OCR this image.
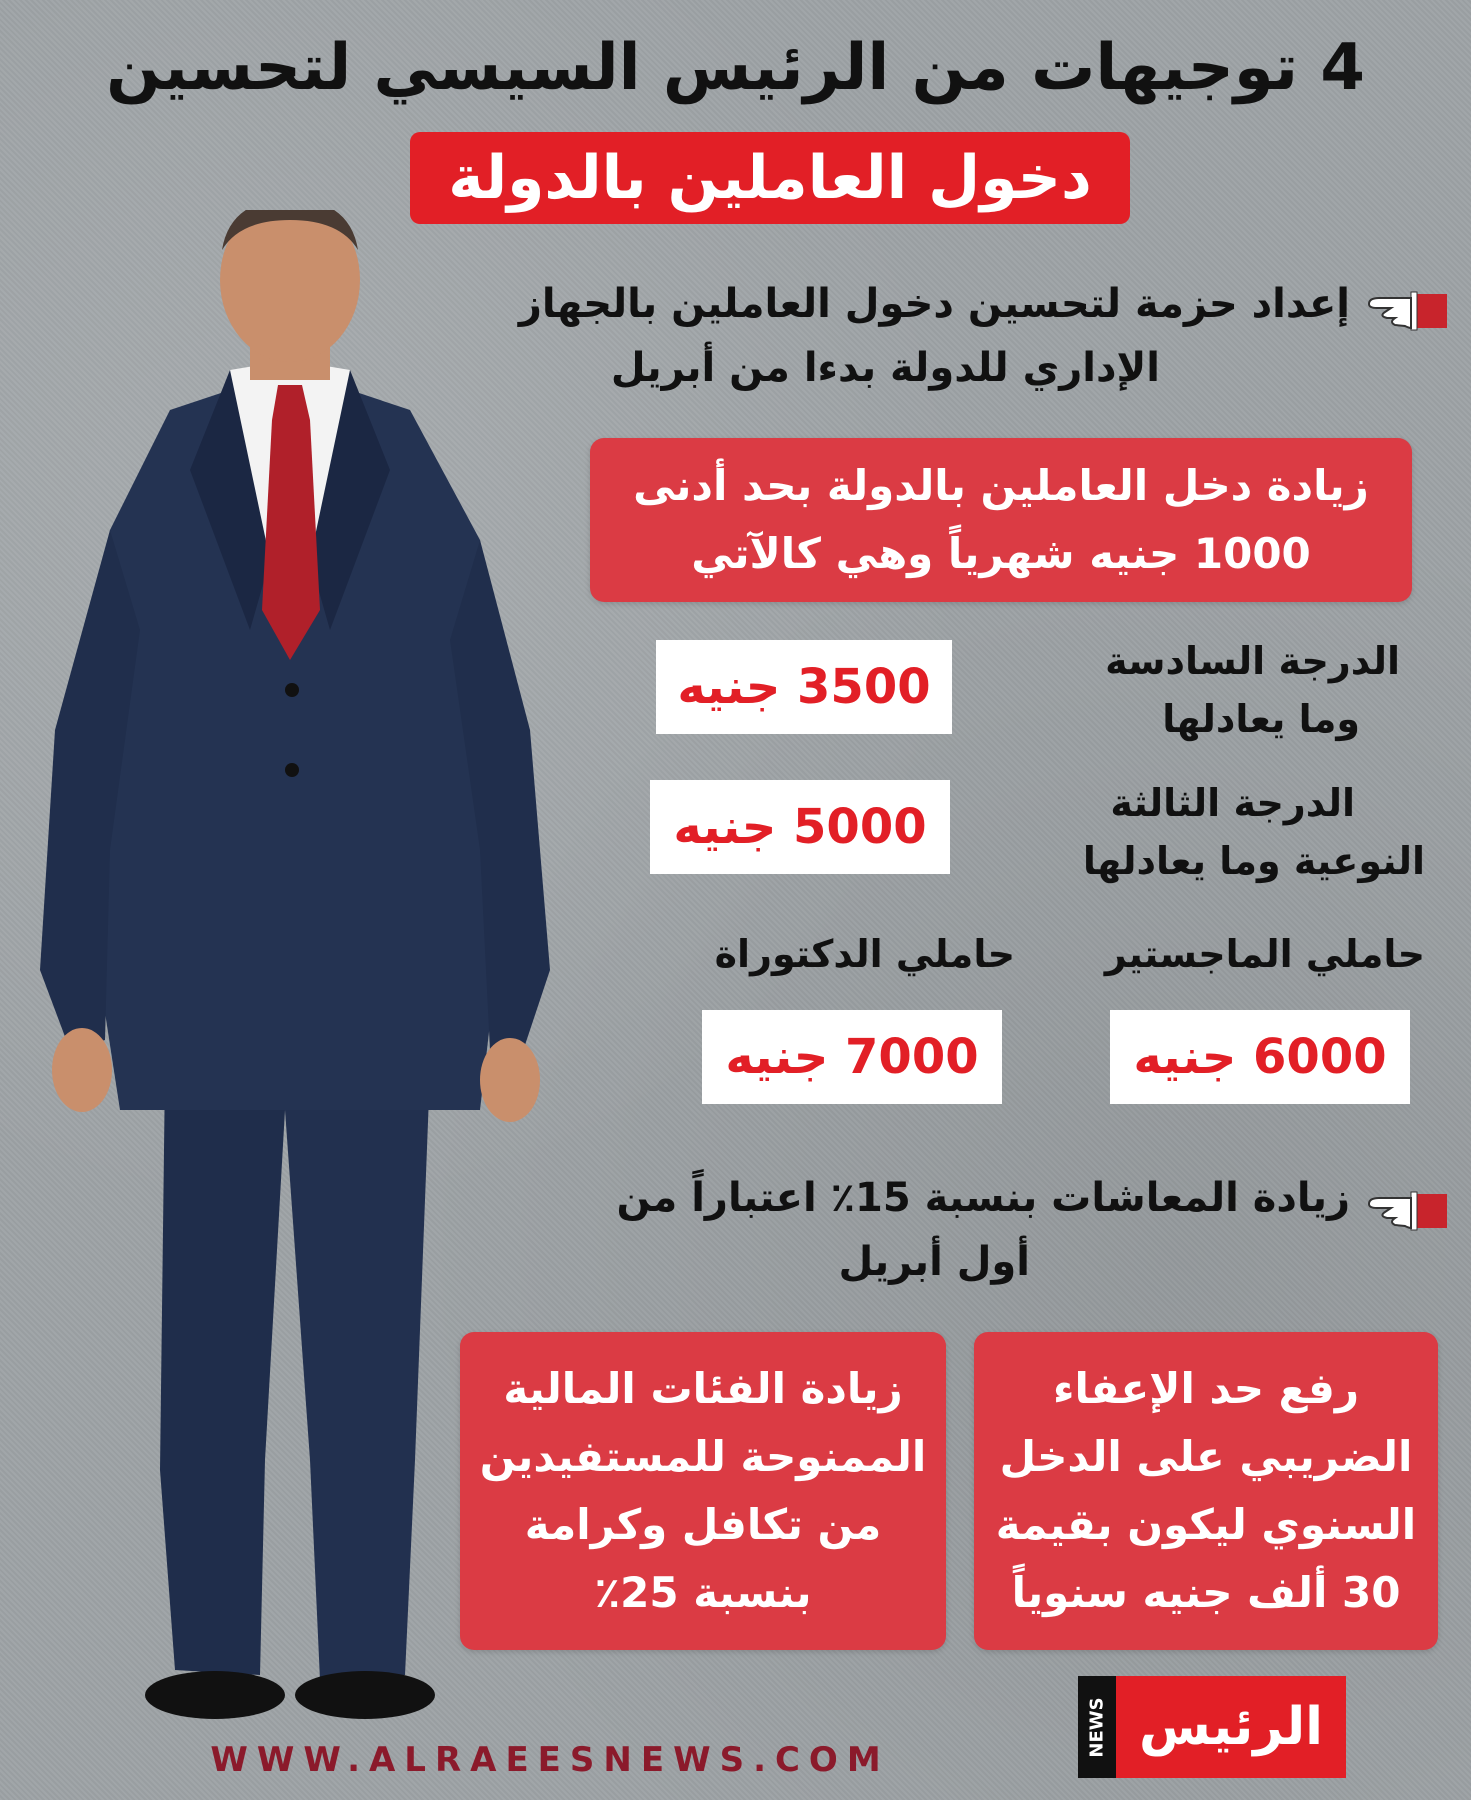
4 توجيهات من الرئيس السيسي لتحسين
دخول العاملين بالدولة
إعداد حزمة لتحسين دخول العاملين بالجهاز
الإداري للدولة بدءا من أبريل
زيادة دخل العاملين بالدولة بحد أدنى
1000 جنيه شهرياً وهي كالآتي
الدرجة السادسة
وما يعادلها
3500 جنيه
الدرجة الثالثة
النوعية وما يعادلها
5000 جنيه
حاملي الماجستير
حاملي الدكتوراة
6000 جنيه
7000 جنيه
زيادة المعاشات بنسبة 15٪ اعتباراً من
أول أبريل
رفع حد الإعفاء
الضريبي على الدخل
السنوي ليكون بقيمة
30 ألف جنيه سنوياً
زيادة الفئات المالية
الممنوحة للمستفيدين
من تكافل وكرامة
بنسبة 25٪
WWW.ALRAEESNEWS.COM
NEWS الرئيس
